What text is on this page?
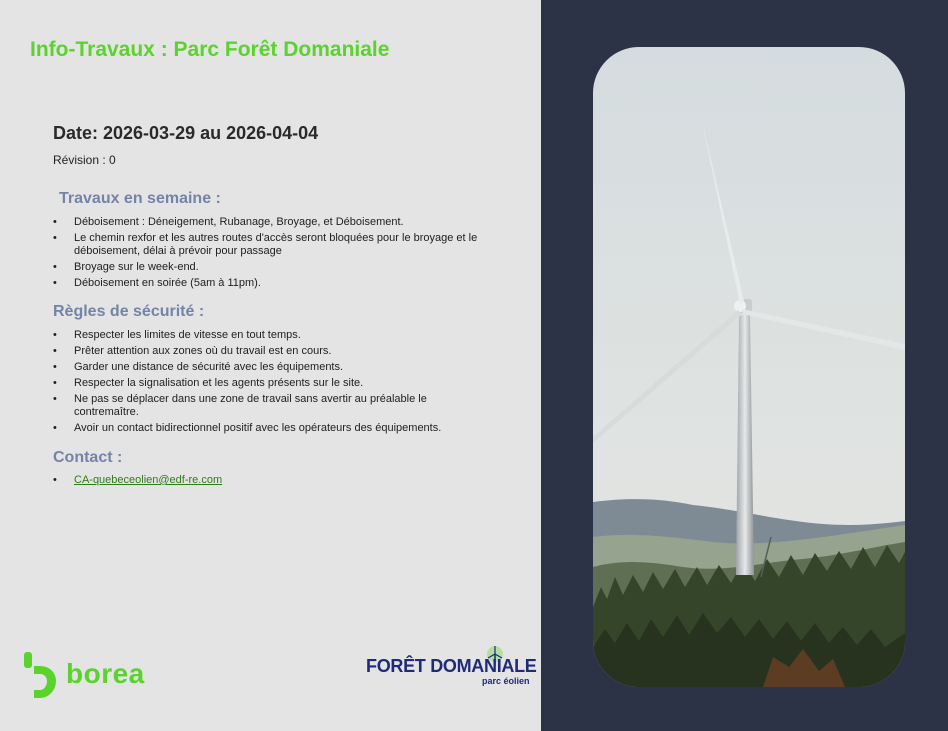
Info-Travaux : Parc Forêt Domaniale
Date: 2026-03-29 au 2026-04-04

Révision : 0

Travaux en semaine :
• Déboisement : Déneigement, Rubanage, Broyage, et Déboisement.
• Le chemin rexfor et les autres routes d'accès seront bloquées pour le broyage et le déboisement, délai à prévoir pour passage
• Broyage sur le week-end.
• Déboisement en soirée (5am à 11pm).
Règles de sécurité :
• Respecter les limites de vitesse en tout temps.
• Prêter attention aux zones où du travail est en cours.
• Garder une distance de sécurité avec les équipements.
• Respecter la signalisation et les agents présents sur le site.
• Ne pas se déplacer dans une zone de travail sans avertir au préalable le contremaître.
• Avoir un contact bidirectionnel positif avec les opérateurs des équipements.
Contact :
• CA-quebeceolien@edf-re.com
borea	FORÊT DOMANIALE
parc éolien
